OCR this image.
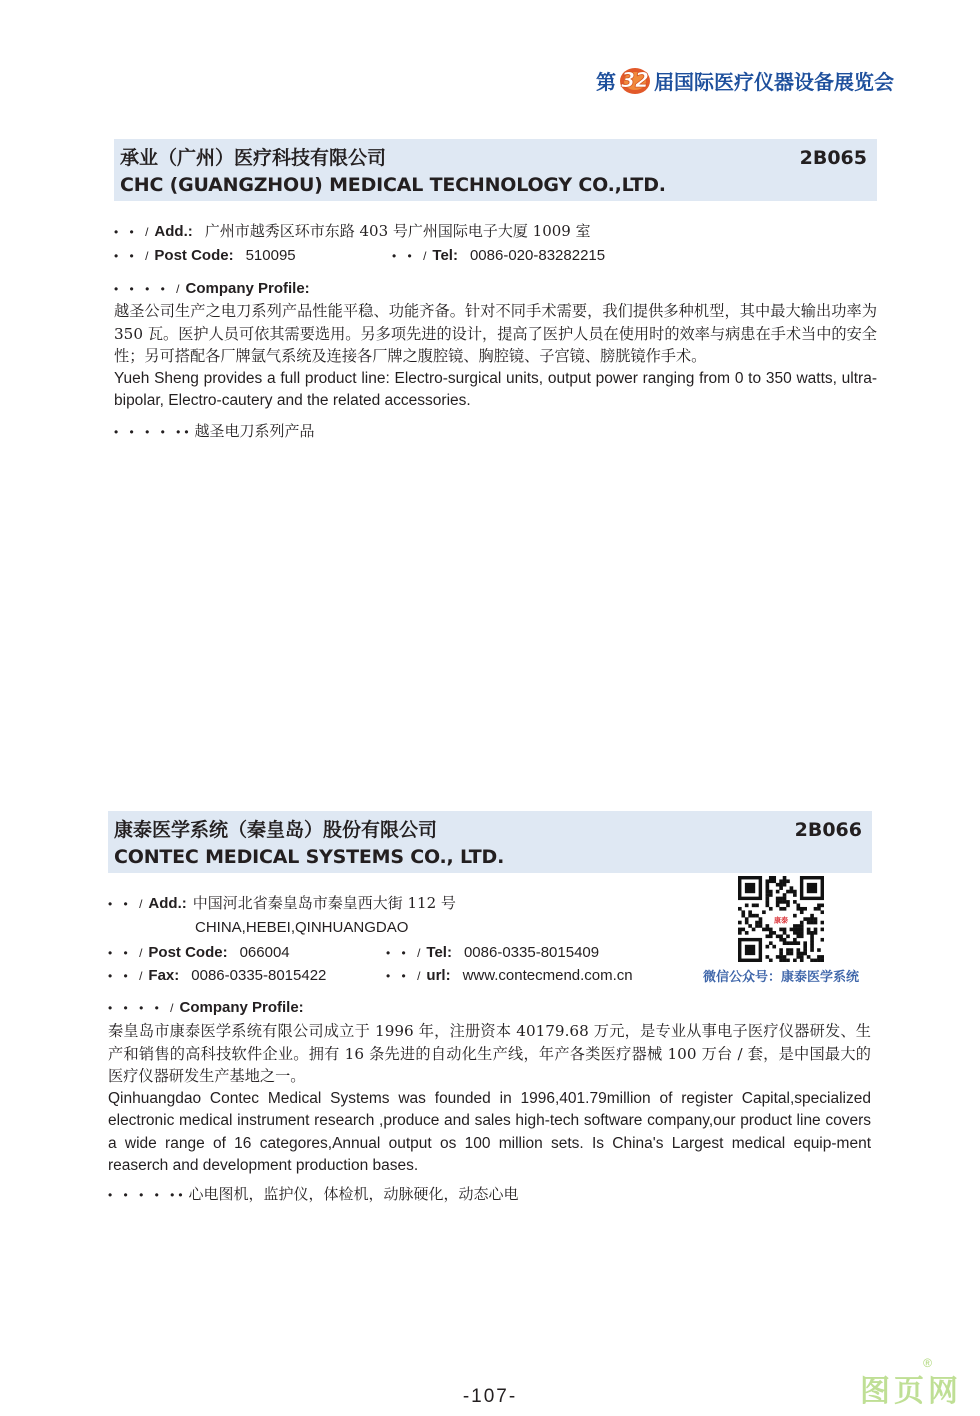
第 32 届国际医疗仪器设备展览会
承业（广州）医疗科技有限公司
CHC (GUANGZHOU) MEDICAL TECHNOLOGY CO.,LTD.
2B065
• • / Add. : 广州市越秀区环市东路 403 号广州国际电子大厦 1009 室
• • / Post Code : 510095	• • / Tel : 0086-020-83282215
• • • • / Company Profile :
越圣公司生产之电刀系列产品性能平稳、功能齐备。针对不同手术需要，我们提供多种机型，其中最大输出功率为 350 瓦。医护人员可依其需要选用。另多项先进的设计，提高了医护人员在使用时的效率与病患在手术当中的安全性；另可搭配各厂牌氩气系统及连接各厂牌之腹腔镜、胸腔镜、子宫镜、膀胱镜作手术。
Yueh Sheng provides a full product line: Electro-surgical units, output power ranging from 0 to 350 watts, ultra-bipolar, Electro-cautery and the related accessories.
• • • • •• 越圣电刀系列产品
康泰医学系统（秦皇岛）股份有限公司
CONTEC MEDICAL SYSTEMS CO., LTD.
2B066
• • / Add. : 中国河北省秦皇岛市秦皇西大街 112 号
CHINA,HEBEI,QINHUANGDAO
• • / Post Code : 066004	• • / Tel : 0086-0335-8015409
• • / Fax : 0086-0335-8015422	• • / url : www.contecmend.com.cn
康泰
微信公众号：康泰医学系统
• • • • / Company Profile :
秦皇岛市康泰医学系统有限公司成立于 1996 年，注册资本 40179.68 万元，是专业从事电子医疗仪器研发、生产和销售的高科技软件企业。拥有 16 条先进的自动化生产线，年产各类医疗器械 100 万台 / 套，是中国最大的医疗仪器研发生产基地之一。
Qinhuangdao Contec Medical Systems was founded in 1996,401.79million of register Capital,specialized electronic medical instrument research ,produce and sales high-tech software company,our product line covers a wide range of 16 categores,Annual output os 100 million sets. Is China's Largest medical equip-ment reaserch and development production bases.
• • • • •• 心电图机，监护仪，体检机，动脉硬化，动态心电
-107-	图页网
®
